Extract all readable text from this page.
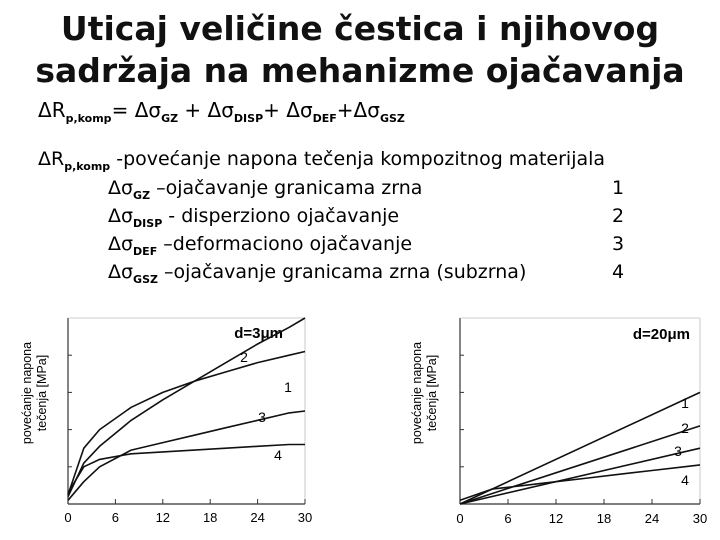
Uticaj veličine čestica i njihovog
sadržaja na mehanizme ojačavanja
$\Delta R_{p,komp}= \Delta\sigma_{GZ} + \Delta\sigma_{DISP}+ \Delta\sigma_{DEF}+\Delta\sigma_{GSZ}$
$\Delta R_{p,komp}$ -povećanje napona tečenja kompozitnog materijala
$\Delta\sigma_{GZ}$ –ojačavanje granicama zrna	1
$\Delta\sigma_{DISP}$ - disperziono ojačavanje	2
$\Delta\sigma_{DEF}$ –deformaciono ojačavanje	3
$\Delta\sigma_{GSZ}$ –ojačavanje granicama zrna (subzrna)	4
povećanje napona tečenja [MPa]	povećanje napona tečenja [MPa]
0	6	12	18	24	30
d=3μm
1
2
3
4
0	6	12	18	24	30
d=20μm
1
2
3
4
